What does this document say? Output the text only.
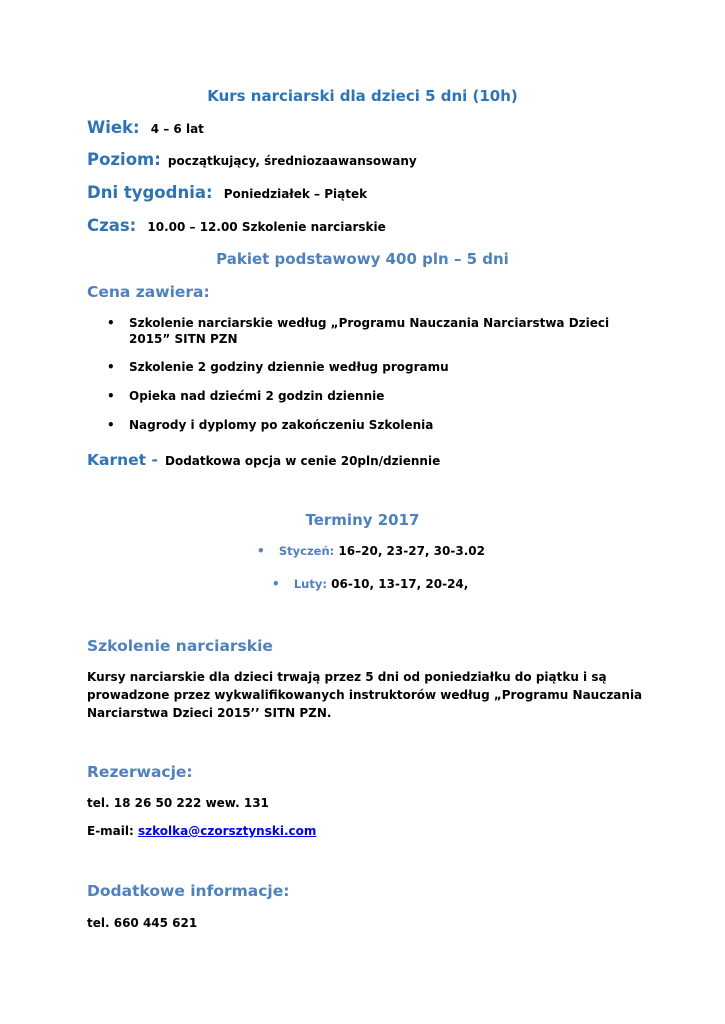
Kurs narciarski dla dzieci 5 dni (10h)
Wiek: 4 – 6 lat
Poziom: początkujący, średniozaawansowany
Dni tygodnia: Poniedziałek – Piątek
Czas: 10.00 – 12.00 Szkolenie narciarskie
Pakiet podstawowy 400 pln – 5 dni
Cena zawiera:
• Szkolenie narciarskie według „Programu Nauczania Narciarstwa Dzieci 2015” SITN PZN
• Szkolenie 2 godziny dziennie według programu
• Opieka nad dziećmi 2 godzin dziennie
• Nagrody i dyplomy po zakończeniu Szkolenia
Karnet - Dodatkowa opcja w cenie 20pln/dziennie
Terminy 2017
• Styczeń: 16–20, 23-27, 30-3.02
• Luty: 06-10, 13-17, 20-24,
Szkolenie narciarskie
Kursy narciarskie dla dzieci trwają przez 5 dni od poniedziałku do piątku i są prowadzone przez wykwalifikowanych instruktorów według „Programu Nauczania Narciarstwa Dzieci 2015’’ SITN PZN.
Rezerwacje:
tel. 18 26 50 222 wew. 131
E-mail: szkolka@czorsztynski.com
Dodatkowe informacje:
tel. 660 445 621
